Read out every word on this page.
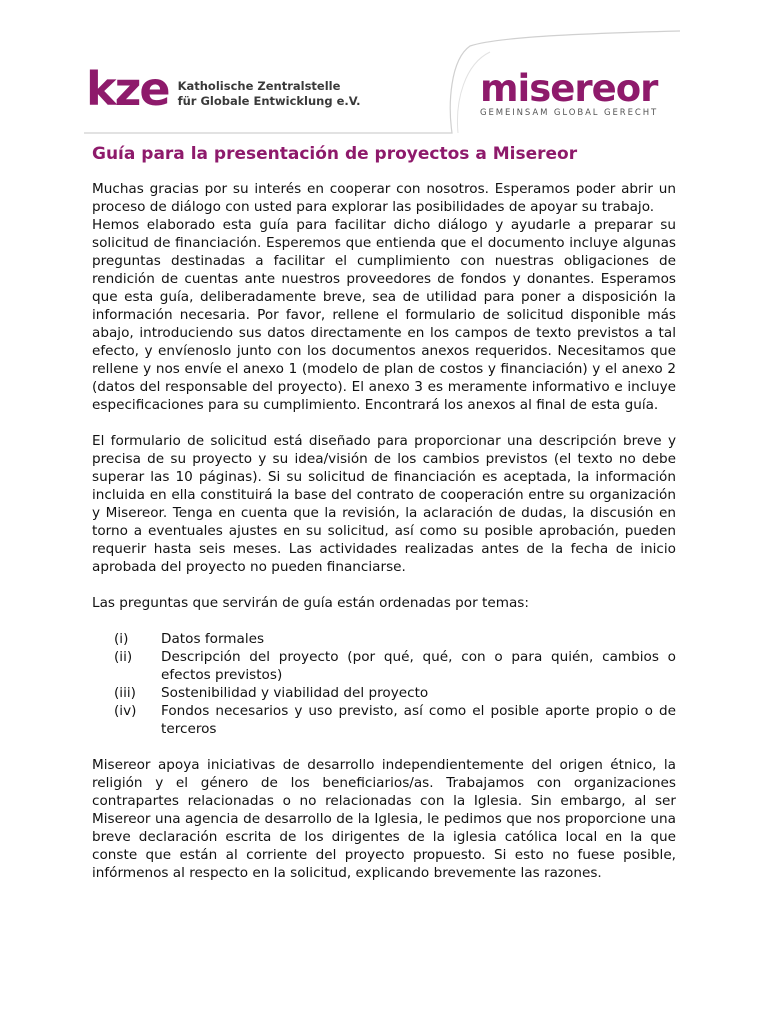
kze Katholische Zentralstelle
für Globale Entwicklung e.V.	misereor
GEMEINSAM GLOBAL GERECHT
Guía para la presentación de proyectos a Misereor

Muchas gracias por su interés en cooperar con nosotros. Esperamos poder abrir un proceso de diálogo con usted para explorar las posibilidades de apoyar su trabajo.

Hemos elaborado esta guía para facilitar dicho diálogo y ayudarle a preparar su solicitud de financiación. Esperemos que entienda que el documento incluye algunas preguntas destinadas a facilitar el cumplimiento con nuestras obligaciones de rendición de cuentas ante nuestros proveedores de fondos y donantes. Esperamos que esta guía, deliberadamente breve, sea de utilidad para poner a disposición la información necesaria. Por favor, rellene el formulario de solicitud disponible más abajo, introduciendo sus datos directamente en los campos de texto previstos a tal efecto, y envíenoslo junto con los documentos anexos requeridos. Necesitamos que rellene y nos envíe el anexo 1 (modelo de plan de costos y financiación) y el anexo 2 (datos del responsable del proyecto). El anexo 3 es meramente informativo e incluye especificaciones para su cumplimiento. Encontrará los anexos al final de esta guía.

El formulario de solicitud está diseñado para proporcionar una descripción breve y precisa de su proyecto y su idea/visión de los cambios previstos (el texto no debe superar las 10 páginas). Si su solicitud de financiación es aceptada, la información incluida en ella constituirá la base del contrato de cooperación entre su organización y Misereor. Tenga en cuenta que la revisión, la aclaración de dudas, la discusión en torno a eventuales ajustes en su solicitud, así como su posible aprobación, pueden requerir hasta seis meses. Las actividades realizadas antes de la fecha de inicio aprobada del proyecto no pueden financiarse.

Las preguntas que servirán de guía están ordenadas por temas:

(i)	Datos formales
(ii)	Descripción del proyecto (por qué, qué, con o para quién, cambios o efectos previstos)
(iii)	Sostenibilidad y viabilidad del proyecto
(iv)	Fondos necesarios y uso previsto, así como el posible aporte propio o de terceros

Misereor apoya iniciativas de desarrollo independientemente del origen étnico, la religión y el género de los beneficiarios/as. Trabajamos con organizaciones contrapartes relacionadas o no relacionadas con la Iglesia. Sin embargo, al ser Misereor una agencia de desarrollo de la Iglesia, le pedimos que nos proporcione una breve declaración escrita de los dirigentes de la iglesia católica local en la que conste que están al corriente del proyecto propuesto. Si esto no fuese posible, infórmenos al respecto en la solicitud, explicando brevemente las razones.
